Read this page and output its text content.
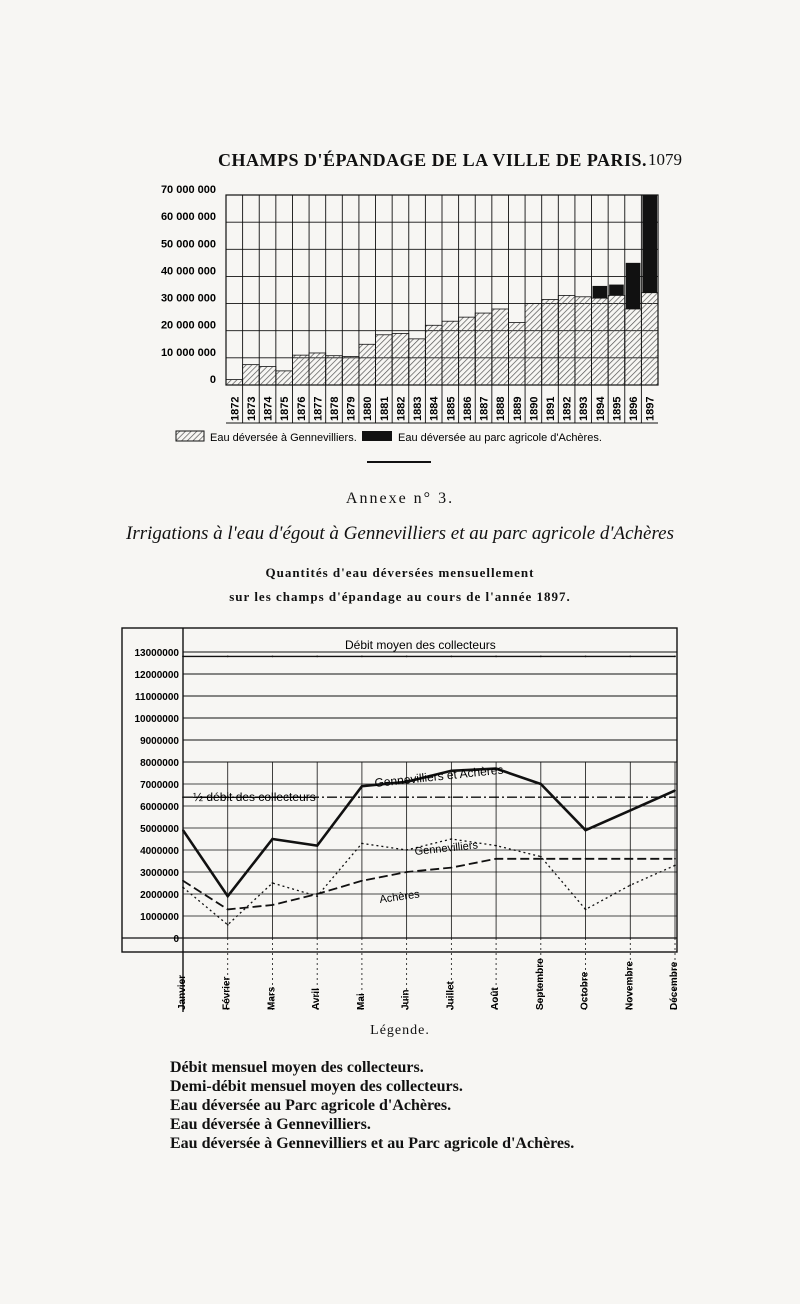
CHAMPS D'ÉPANDAGE DE LA VILLE DE PARIS. 1079
0
10 000 000
20 000 000
30 000 000
40 000 000
50 000 000
60 000 000
70 000 000
1872 1873 1874 1875 1876 1877 1878 1879 1880 1881 1882 1883 1884 1885 1886 1887 1888 1889 1890 1891 1892 1893 1894 1895 1896 1897
Eau déversée à Gennevilliers.	Eau déversée au parc agricole d'Achères.
Annexe n° 3.
Irrigations à l'eau d'égout à Gennevilliers et au parc agricole d'Achères
Quantités d'eau déversées mensuellement
sur les champs d'épandage au cours de l'année 1897.
0
1000000
2000000
3000000
4000000
5000000
6000000
7000000
8000000
9000000
10000000
11000000
12000000
13000000
Janvier	Février	Mars	Avril	Mai	Juin	Juillet	Août	Septembre	Octobre	Novembre	Décembre
Débit moyen des collecteurs
½ débit des collecteurs
Gennevilliers et Achères
Gennevilliers
Achères
Légende.
Débit mensuel moyen des collecteurs.
Demi-débit mensuel moyen des collecteurs.
Eau déversée au Parc agricole d'Achères.
Eau déversée à Gennevilliers.
Eau déversée à Gennevilliers et au Parc agricole d'Achères.
